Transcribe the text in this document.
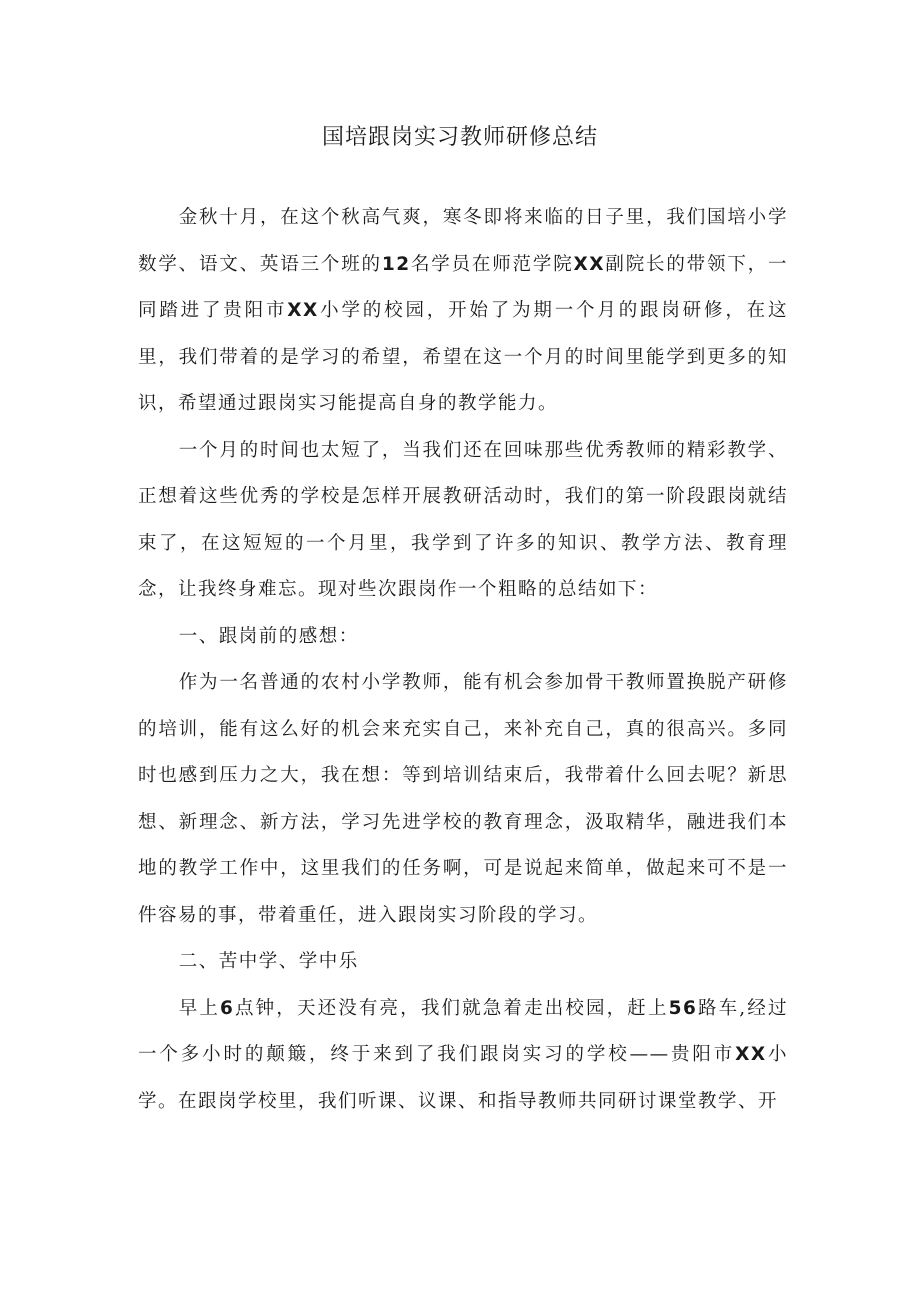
国培跟岗实习教师研修总结

金秋十月，在这个秋高气爽，寒冬即将来临的日子里，我们国培小学数学、语文、英语三个班的12名学员在师范学院XX副院长的带领下，一同踏进了贵阳市XX小学的校园，开始了为期一个月的跟岗研修，在这里，我们带着的是学习的希望，希望在这一个月的时间里能学到更多的知识，希望通过跟岗实习能提高自身的教学能力。

一个月的时间也太短了，当我们还在回味那些优秀教师的精彩教学、正想着这些优秀的学校是怎样开展教研活动时，我们的第一阶段跟岗就结束了，在这短短的一个月里，我学到了许多的知识、教学方法、教育理念，让我终身难忘。现对些次跟岗作一个粗略的总结如下：

一、跟岗前的感想：

作为一名普通的农村小学教师，能有机会参加骨干教师置换脱产研修的培训，能有这么好的机会来充实自己，来补充自己，真的很高兴。多同时也感到压力之大，我在想：等到培训结束后，我带着什么回去呢？新思想、新理念、新方法，学习先进学校的教育理念，汲取精华，融进我们本地的教学工作中，这里我们的任务啊，可是说起来简单，做起来可不是一件容易的事，带着重任，进入跟岗实习阶段的学习。

二、苦中学、学中乐

早上6点钟，天还没有亮，我们就急着走出校园，赶上56路车,经过一个多小时的颠簸，终于来到了我们跟岗实习的学校——贵阳市XX小学。在跟岗学校里，我们听课、议课、和指导教师共同研讨课堂教学、开
